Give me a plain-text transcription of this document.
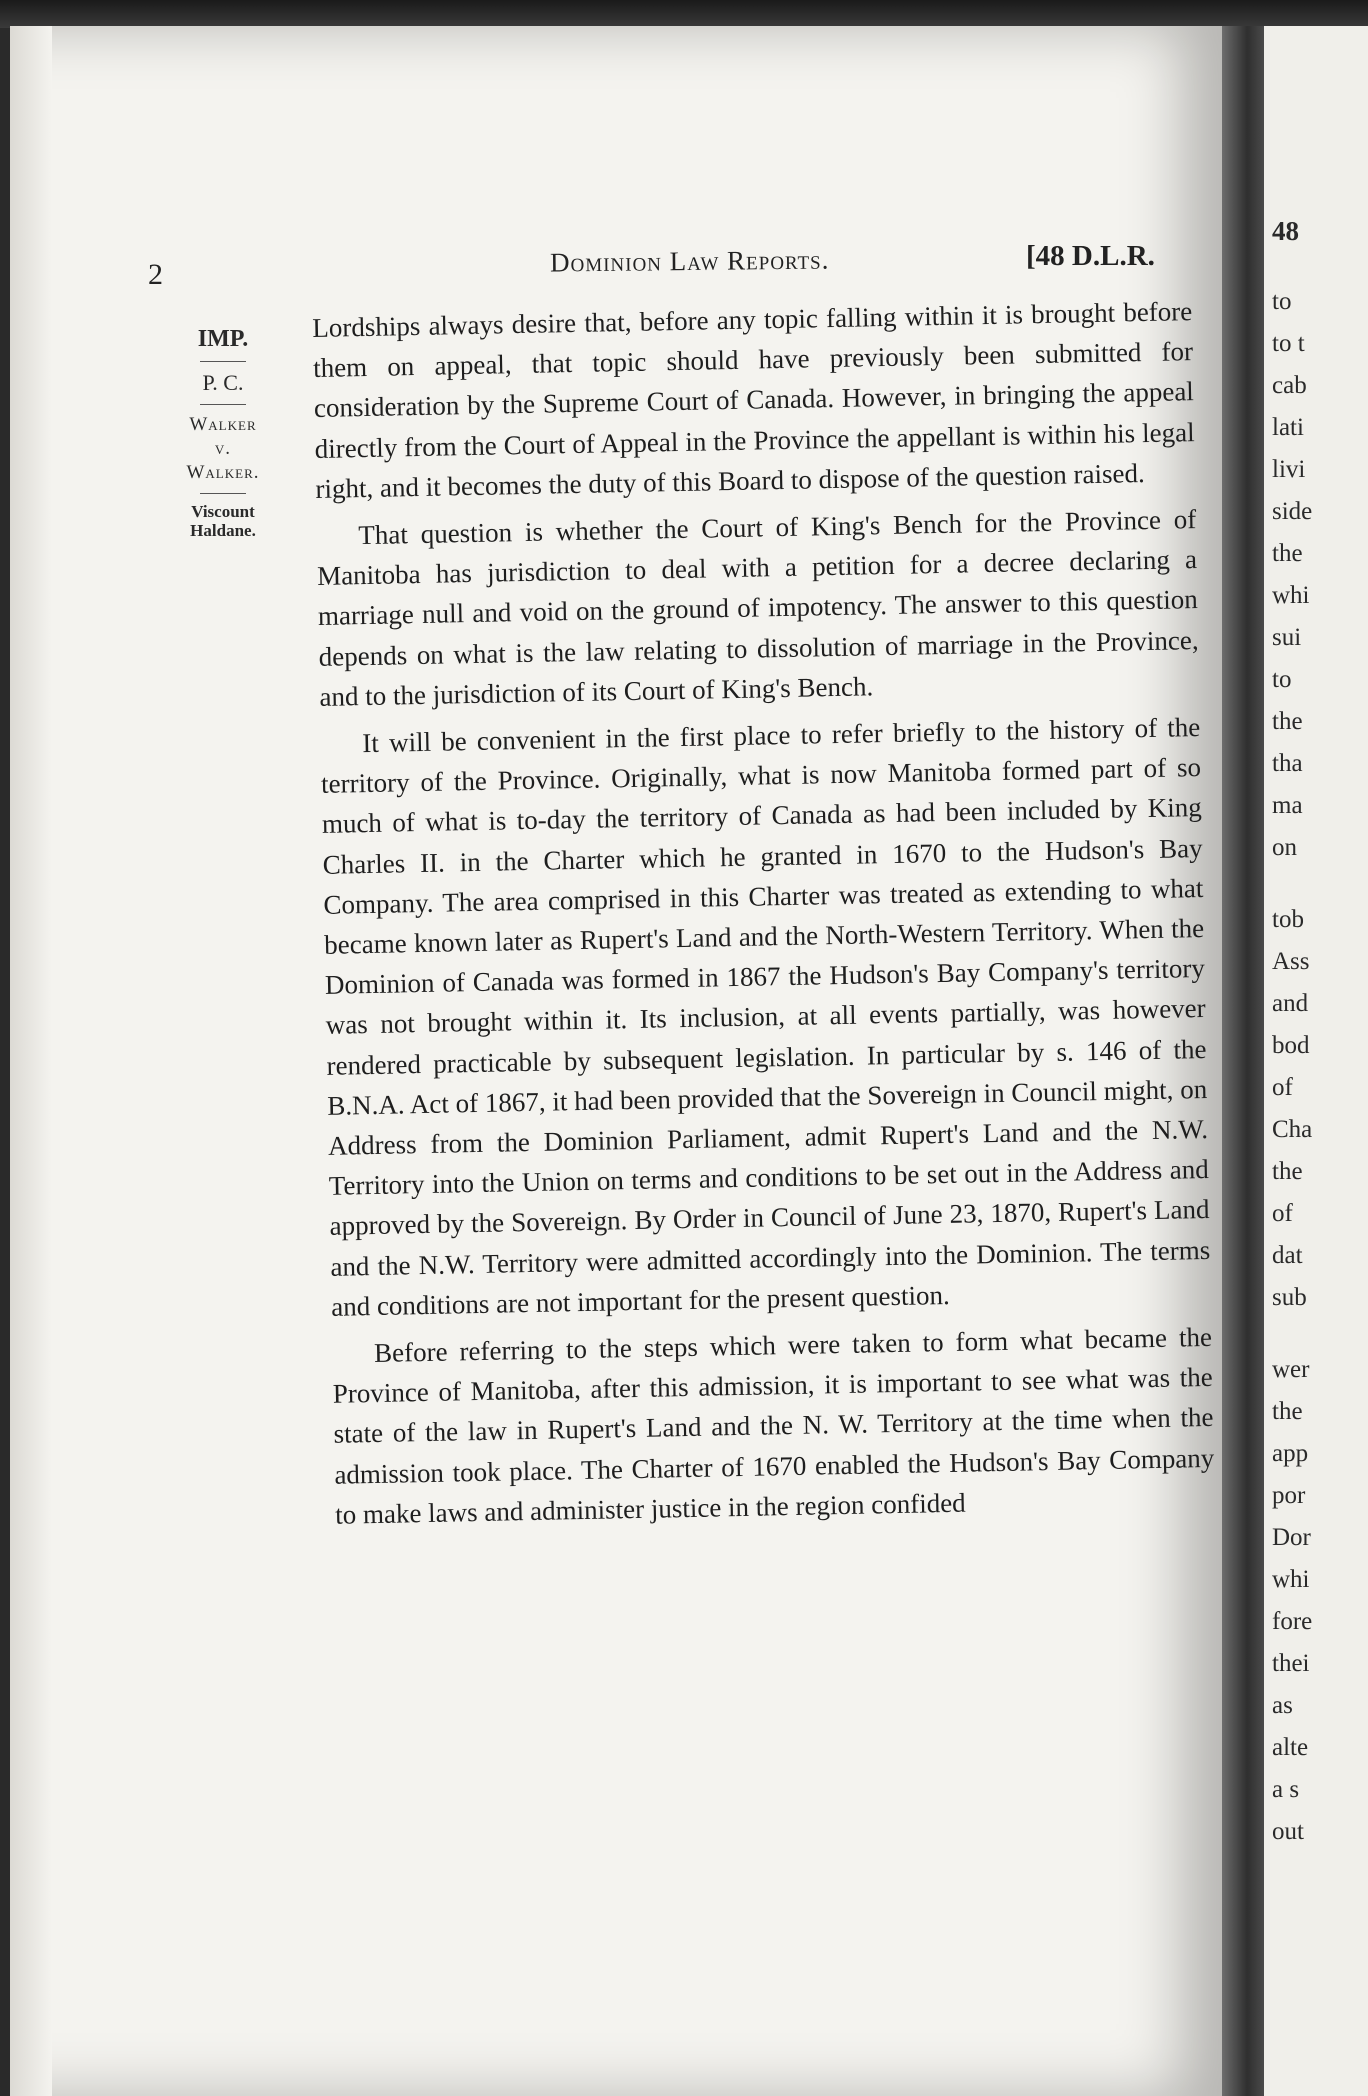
2	Dominion Law Reports.	[48 D.L.R.
IMP.
P. C.
Walker
v.
Walker.
Viscount
Haldane.

Lordships always desire that, before any topic falling within it is brought before them on appeal, that topic should have previously been submitted for consideration by the Supreme Court of Canada. However, in bringing the appeal directly from the Court of Appeal in the Province the appellant is within his legal right, and it becomes the duty of this Board to dispose of the question raised.

That question is whether the Court of King's Bench for the Province of Manitoba has jurisdiction to deal with a petition for a decree declaring a marriage null and void on the ground of impotency. The answer to this question depends on what is the law relating to dissolution of marriage in the Province, and to the jurisdiction of its Court of King's Bench.

It will be convenient in the first place to refer briefly to the history of the territory of the Province. Originally, what is now Manitoba formed part of so much of what is to-day the territory of Canada as had been included by King Charles II. in the Charter which he granted in 1670 to the Hudson's Bay Company. The area comprised in this Charter was treated as extending to what became known later as Rupert's Land and the North-Western Territory. When the Dominion of Canada was formed in 1867 the Hudson's Bay Company's territory was not brought within it. Its inclusion, at all events partially, was however rendered practicable by subsequent legislation. In particular by s. 146 of the B.N.A. Act of 1867, it had been provided that the Sovereign in Council might, on Address from the Dominion Parliament, admit Rupert's Land and the N.W. Territory into the Union on terms and conditions to be set out in the Address and approved by the Sovereign. By Order in Council of June 23, 1870, Rupert's Land and the N.W. Territory were admitted accordingly into the Dominion. The terms and conditions are not important for the present question.

Before referring to the steps which were taken to form what became the Province of Manitoba, after this admission, it is important to see what was the state of the law in Rupert's Land and the N. W. Territory at the time when the admission took place. The Charter of 1670 enabled the Hudson's Bay Company to make laws and administer justice in the region confided

48
to
to t
cab
lati
livi
side
the
whi
sui
to
the
tha
ma
on
tob
Ass
and
bod
of
Cha
the
of
dat
sub
wer
the
app
por
Dor
whi
fore
thei
as
alte
a s
out
